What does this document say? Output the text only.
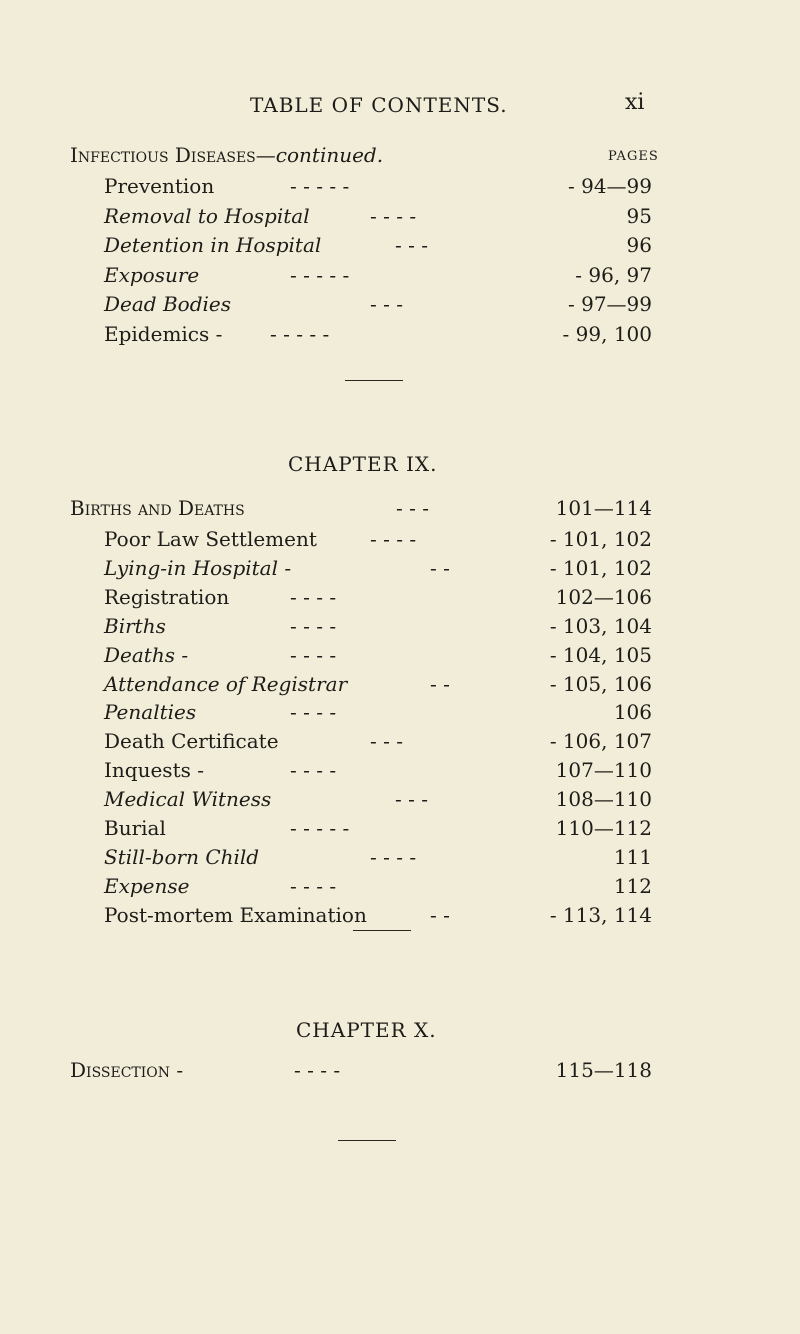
TABLE OF CONTENTS.	xi
Infectious Diseases—continued.	PAGES
Prevention	- - - - -	- 94—99
Removal to Hospital	- - - -	95
Detention in Hospital	- - -	96
Exposure	- - - - -	- 96, 97
Dead Bodies	- - -	- 97—99
Epidemics - - - - - -	- 99, 100
CHAPTER IX.
Births and Deaths	- - -	101—114
Poor Law Settlement	- - - -	- 101, 102
Lying-in Hospital -	- -	- 101, 102
Registration	- - - -	102—106
Births	- - - -	- 103, 104
Deaths -	- - - -	- 104, 105
Attendance of Registrar	- -	- 105, 106
Penalties	- - - -	106
Death Certificate	- - -	- 106, 107
Inquests -	- - - -	107—110
Medical Witness	- - -	108—110
Burial	- - - - -	110—112
Still-born Child	- - - -	111
Expense	- - - -	112
Post-mortem Examination	- -	- 113, 114
CHAPTER X.
Dissection -	- - - -	115—118
